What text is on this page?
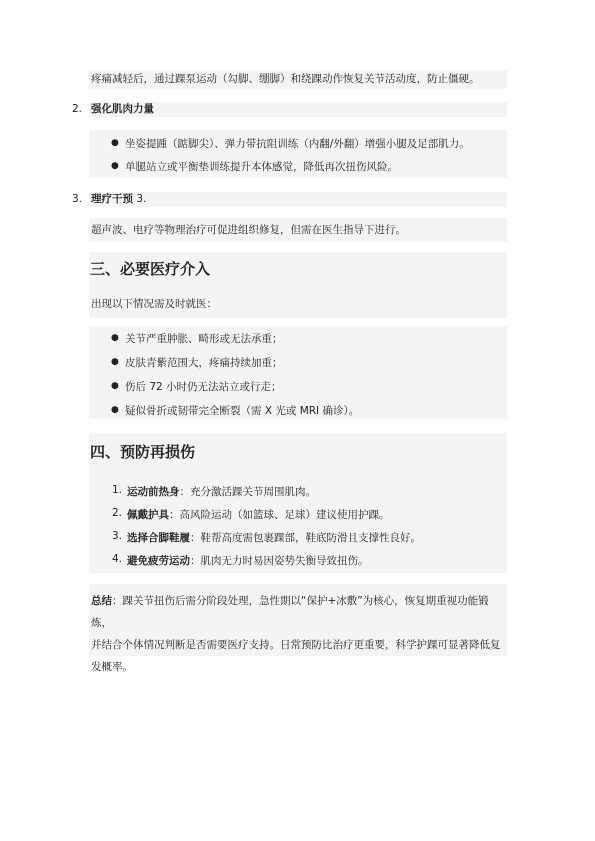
疼痛减轻后，通过踝泵运动（勾脚、绷脚）和绕踝动作恢复关节活动度，防止僵硬。
2. 强化肌肉力量
● 坐姿提踵（踮脚尖）、弹力带抗阻训练（内翻/外翻）增强小腿及足部肌力。
● 单腿站立或平衡垫训练提升本体感觉，降低再次扭伤风险。
3. 理疗干预 3.
超声波、电疗等物理治疗可促进组织修复，但需在医生指导下进行。
三、必要医疗介入
出现以下情况需及时就医：
● 关节严重肿胀、畸形或无法承重；
● 皮肤青紫范围大，疼痛持续加重；
● 伤后 72 小时仍无法站立或行走；
● 疑似骨折或韧带完全断裂（需 X 光或 MRI 确诊）。
四、预防再损伤
1. 运动前热身：充分激活踝关节周围肌肉。
2. 佩戴护具：高风险运动（如篮球、足球）建议使用护踝。
3. 选择合脚鞋履：鞋帮高度需包裹踝部，鞋底防滑且支撑性良好。
4. 避免疲劳运动：肌肉无力时易因姿势失衡导致扭伤。
总结：踝关节扭伤后需分阶段处理，急性期以“保护+冰敷”为核心，恢复期重视功能锻炼，
并结合个体情况判断是否需要医疗支持。日常预防比治疗更重要，科学护踝可显著降低复
发概率。
